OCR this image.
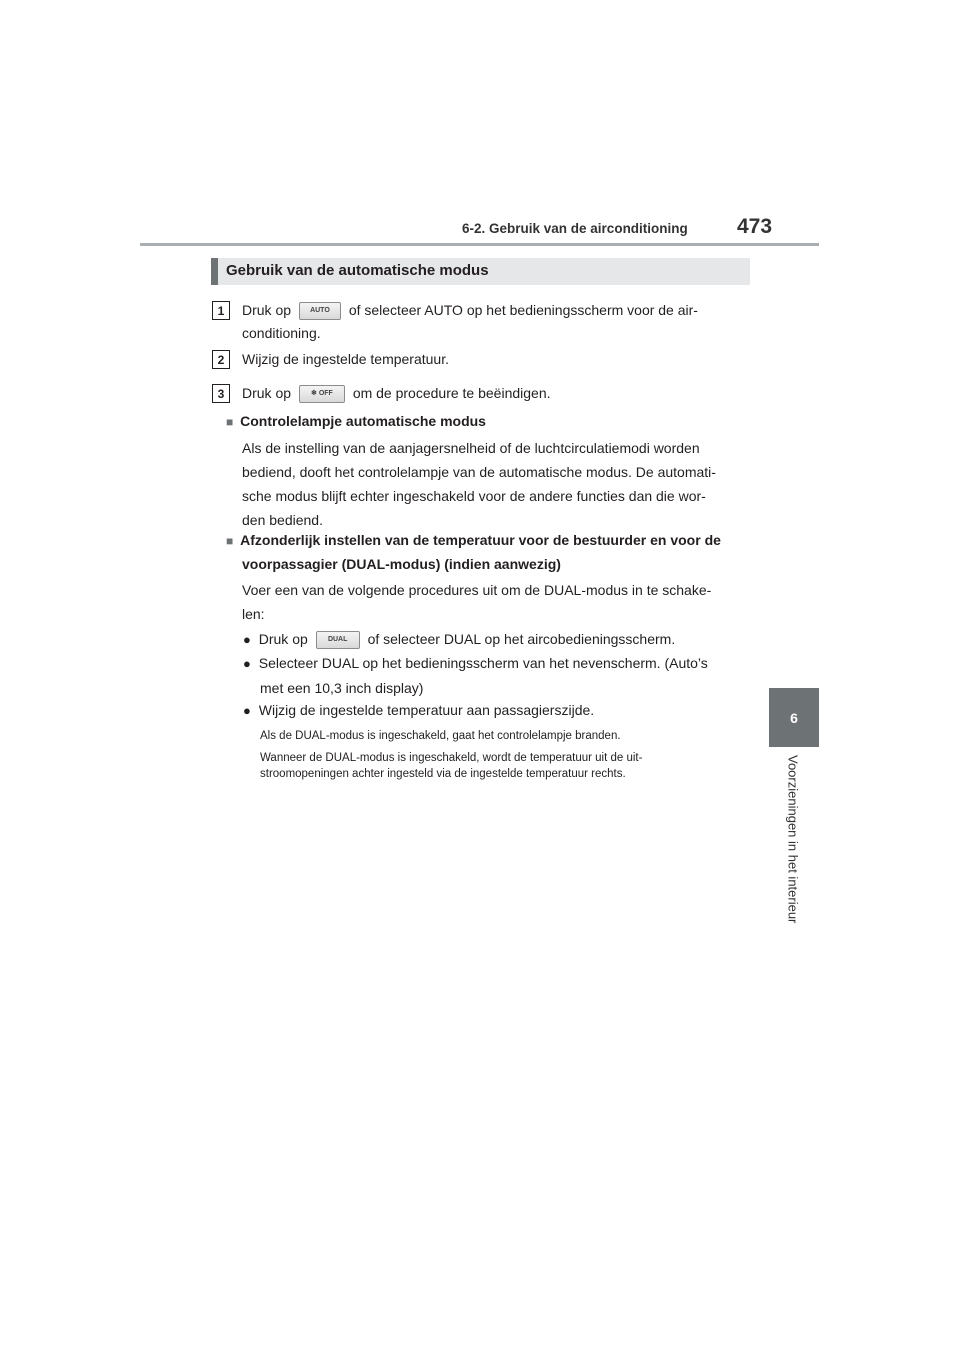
6-2. Gebruik van de airconditioning 473
6
Voorzieningen in het interieur
Gebruik van de automatische modus
1	Druk op	AUTO of selecteer AUTO op het bedieningsscherm voor de air-
conditioning.
2	Wijzig de ingestelde temperatuur.
3	Druk op	❄ OFF om de procedure te beëindigen.
■ Controlelampje automatische modus
Als de instelling van de aanjagersnelheid of de luchtcirculatiemodi worden
bediend, dooft het controlelampje van de automatische modus. De automati-
sche modus blijft echter ingeschakeld voor de andere functies dan die wor-
den bediend.
■ Afzonderlijk instellen van de temperatuur voor de bestuurder en voor de
voorpassagier (DUAL-modus) (indien aanwezig)
Voer een van de volgende procedures uit om de DUAL-modus in te schake-
len:
● Druk op	DUAL of selecteer DUAL op het aircobedieningsscherm.
● Selecteer DUAL op het bedieningsscherm van het nevenscherm. (Auto’s
met een 10,3 inch display)
● Wijzig de ingestelde temperatuur aan passagierszijde.
Als de DUAL-modus is ingeschakeld, gaat het controlelampje branden.
Wanneer de DUAL-modus is ingeschakeld, wordt de temperatuur uit de uit-
stroomopeningen achter ingesteld via de ingestelde temperatuur rechts.
